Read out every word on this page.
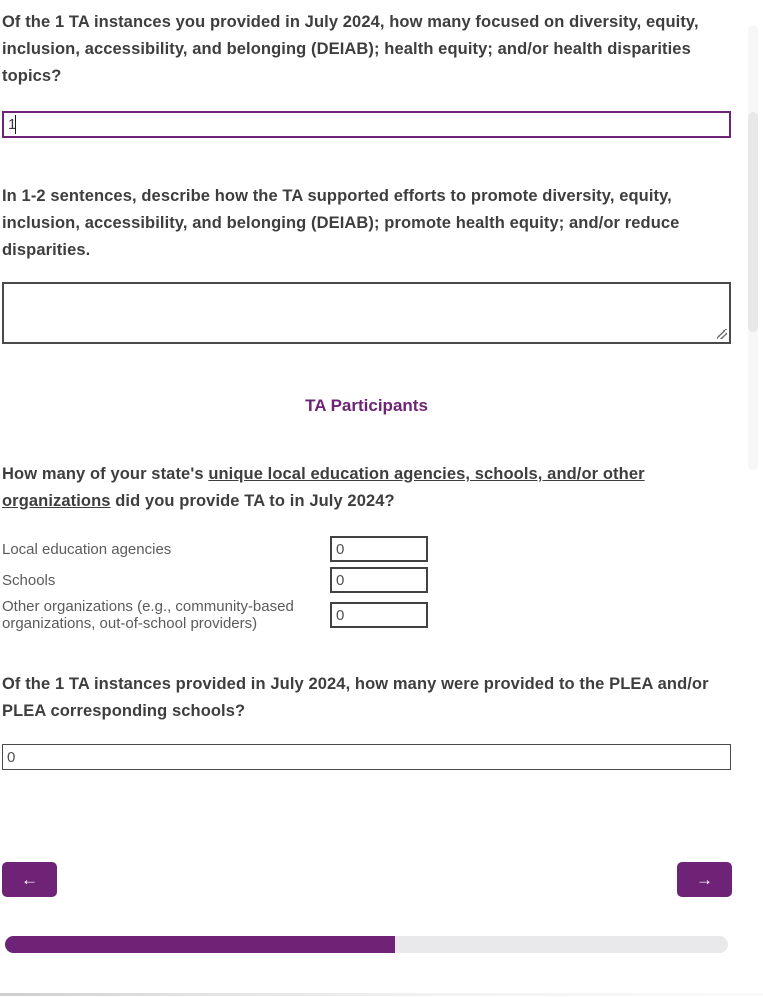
Of the 1 TA instances you provided in July 2024, how many focused on diversity, equity, inclusion, accessibility, and belonging (DEIAB); health equity; and/or health disparities topics?
1
In 1-2 sentences, describe how the TA supported efforts to promote diversity, equity, inclusion, accessibility, and belonging (DEIAB); promote health equity; and/or reduce disparities.
TA Participants
How many of your state's unique local education agencies, schools, and/or other organizations did you provide TA to in July 2024?
Local education agencies
0
Schools
0
Other organizations (e.g., community-based organizations, out-of-school providers)
0
Of the 1 TA instances provided in July 2024, how many were provided to the PLEA and/or PLEA corresponding schools?
0
←	→
